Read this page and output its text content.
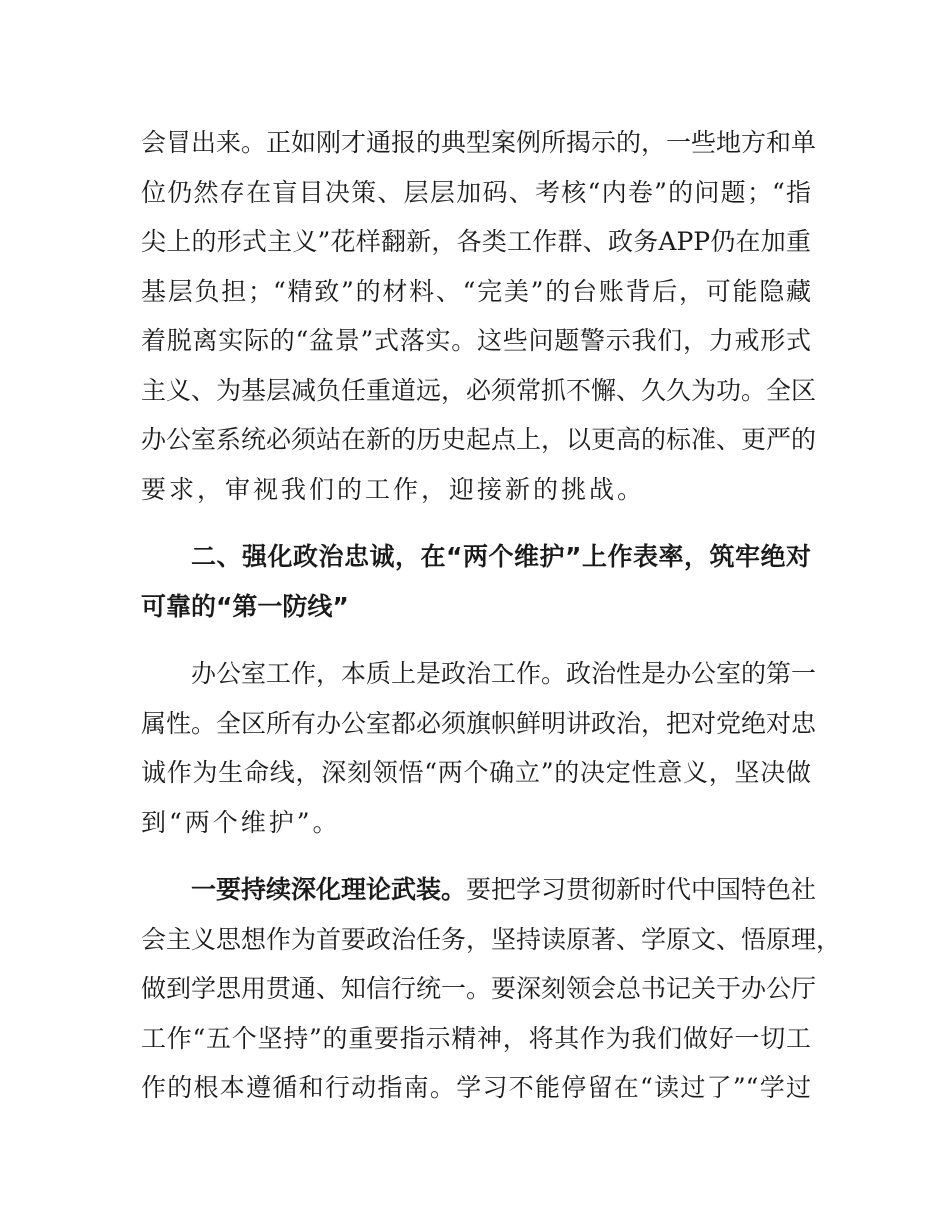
会冒出来。正如刚才通报的典型案例所揭示的，一些地方和单
位仍然存在盲目决策、层层加码、考核“内卷”的问题；“指
尖上的形式主义”花样翻新，各类工作群、政务APP仍在加重
基层负担；“精致”的材料、“完美”的台账背后，可能隐藏
着脱离实际的“盆景”式落实。这些问题警示我们，力戒形式
主义、为基层减负任重道远，必须常抓不懈、久久为功。全区
办公室系统必须站在新的历史起点上，以更高的标准、更严的
要求，审视我们的工作，迎接新的挑战。
二、强化政治忠诚，在“两个维护”上作表率，筑牢绝对
可靠的“第一防线”
办公室工作，本质上是政治工作。政治性是办公室的第一
属性。全区所有办公室都必须旗帜鲜明讲政治，把对党绝对忠
诚作为生命线，深刻领悟“两个确立”的决定性意义，坚决做
到“两个维护”。
一要持续深化理论武装。要把学习贯彻新时代中国特色社
会主义思想作为首要政治任务，坚持读原著、学原文、悟原理，
做到学思用贯通、知信行统一。要深刻领会总书记关于办公厅
工作“五个坚持”的重要指示精神，将其作为我们做好一切工
作的根本遵循和行动指南。学习不能停留在“读过了”“学过
